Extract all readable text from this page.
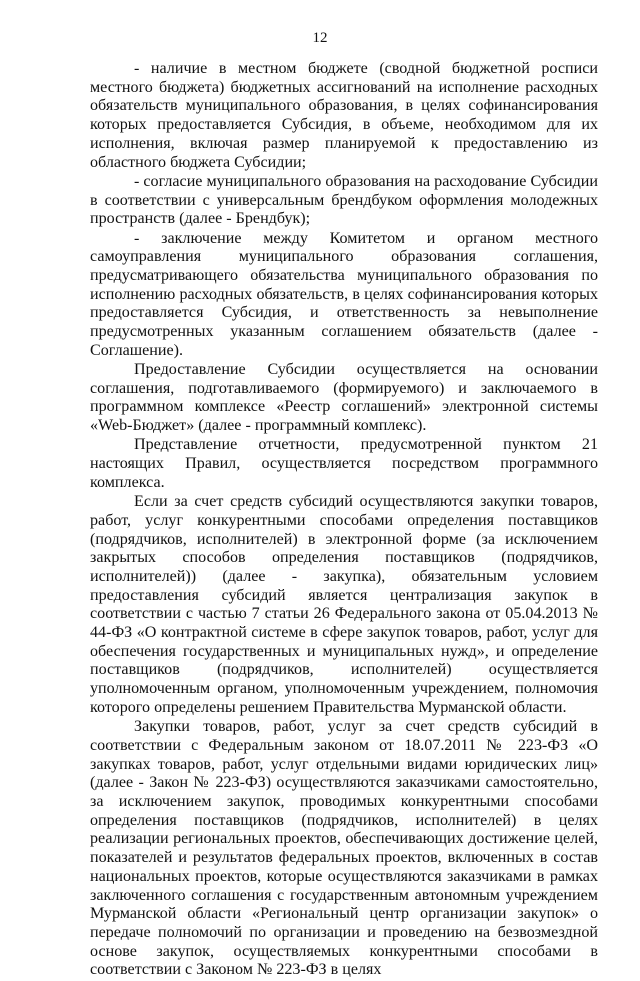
12

- наличие в местном бюджете (сводной бюджетной росписи местного бюджета) бюджетных ассигнований на исполнение расходных обязательств муниципального образования, в целях софинансирования которых предоставляется Субсидия, в объеме, необходимом для их исполнения, включая размер планируемой к предоставлению из областного бюджета Субсидии;

- согласие муниципального образования на расходование Субсидии в соответствии с универсальным брендбуком оформления молодежных пространств (далее - Брендбук);

- заключение между Комитетом и органом местного самоуправления муниципального образования соглашения, предусматривающего обязательства муниципального образования по исполнению расходных обязательств, в целях софинансирования которых предоставляется Субсидия, и ответственность за невыполнение предусмотренных указанным соглашением обязательств (далее - Соглашение).

Предоставление Субсидии осуществляется на основании соглашения, подготавливаемого (формируемого) и заключаемого в программном комплексе «Реестр соглашений» электронной системы «Web-Бюджет» (далее - программный комплекс).

Представление отчетности, предусмотренной пунктом 21 настоящих Правил, осуществляется посредством программного комплекса.

Если за счет средств субсидий осуществляются закупки товаров, работ, услуг конкурентными способами определения поставщиков (подрядчиков, исполнителей) в электронной форме (за исключением закрытых способов определения поставщиков (подрядчиков, исполнителей)) (далее - закупка), обязательным условием предоставления субсидий является централизация закупок в соответствии с частью 7 статьи 26 Федерального закона от 05.04.2013 № 44-ФЗ «О контрактной системе в сфере закупок товаров, работ, услуг для обеспечения государственных и муниципальных нужд», и определение поставщиков (подрядчиков, исполнителей) осуществляется уполномоченным органом, уполномоченным учреждением, полномочия которого определены решением Правительства Мурманской области.

Закупки товаров, работ, услуг за счет средств субсидий в соответствии с Федеральным законом от 18.07.2011 № 223-ФЗ «О закупках товаров, работ, услуг отдельными видами юридических лиц» (далее - Закон № 223-ФЗ) осуществляются заказчиками самостоятельно, за исключением закупок, проводимых конкурентными способами определения поставщиков (подрядчиков, исполнителей) в целях реализации региональных проектов, обеспечивающих достижение целей, показателей и результатов федеральных проектов, включенных в состав национальных проектов, которые осуществляются заказчиками в рамках заключенного соглашения с государственным автономным учреждением Мурманской области «Региональный центр организации закупок» о передаче полномочий по организации и проведению на безвозмездной основе закупок, осуществляемых конкурентными способами в соответствии с Законом № 223-ФЗ в целях
